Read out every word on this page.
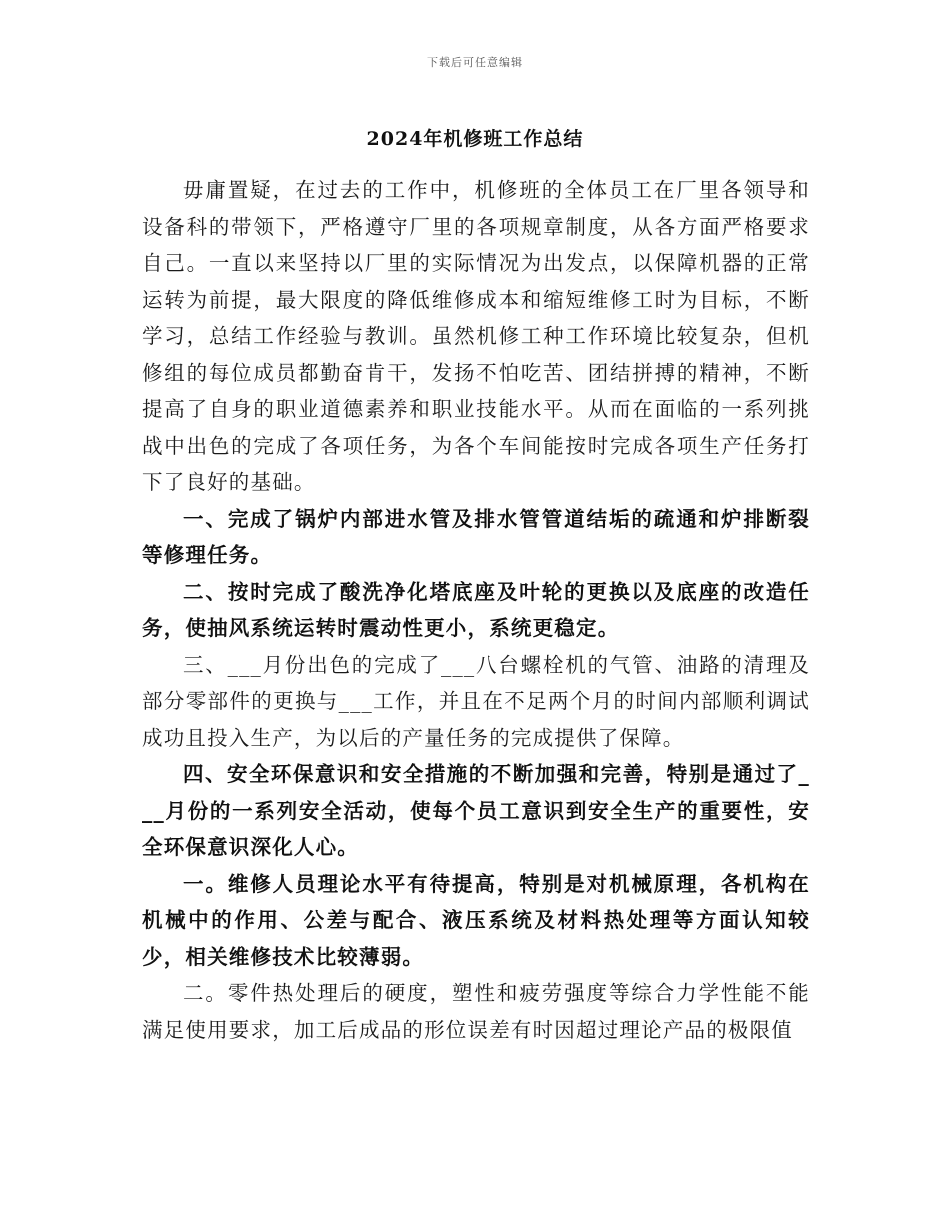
下载后可任意编辑
2024年机修班工作总结

毋庸置疑，在过去的工作中，机修班的全体员工在厂里各领导和设备科的带领下，严格遵守厂里的各项规章制度，从各方面严格要求自己。一直以来坚持以厂里的实际情况为出发点，以保障机器的正常运转为前提，最大限度的降低维修成本和缩短维修工时为目标，不断学习，总结工作经验与教训。虽然机修工种工作环境比较复杂，但机修组的每位成员都勤奋肯干，发扬不怕吃苦、团结拼搏的精神，不断提高了自身的职业道德素养和职业技能水平。从而在面临的一系列挑战中出色的完成了各项任务，为各个车间能按时完成各项生产任务打下了良好的基础。

一、完成了锅炉内部进水管及排水管管道结垢的疏通和炉排断裂等修理任务。

二、按时完成了酸洗净化塔底座及叶轮的更换以及底座的改造任务，使抽风系统运转时震动性更小，系统更稳定。

三、___月份出色的完成了___八台螺栓机的气管、油路的清理及部分零部件的更换与___工作，并且在不足两个月的时间内部顺利调试成功且投入生产，为以后的产量任务的完成提供了保障。

四、安全环保意识和安全措施的不断加强和完善，特别是通过了___月份的一系列安全活动，使每个员工意识到安全生产的重要性，安全环保意识深化人心。

一。维修人员理论水平有待提高，特别是对机械原理，各机构在机械中的作用、公差与配合、液压系统及材料热处理等方面认知较少，相关维修技术比较薄弱。

二。零件热处理后的硬度，塑性和疲劳强度等综合力学性能不能满足使用要求，加工后成品的形位误差有时因超过理论产品的极限值
